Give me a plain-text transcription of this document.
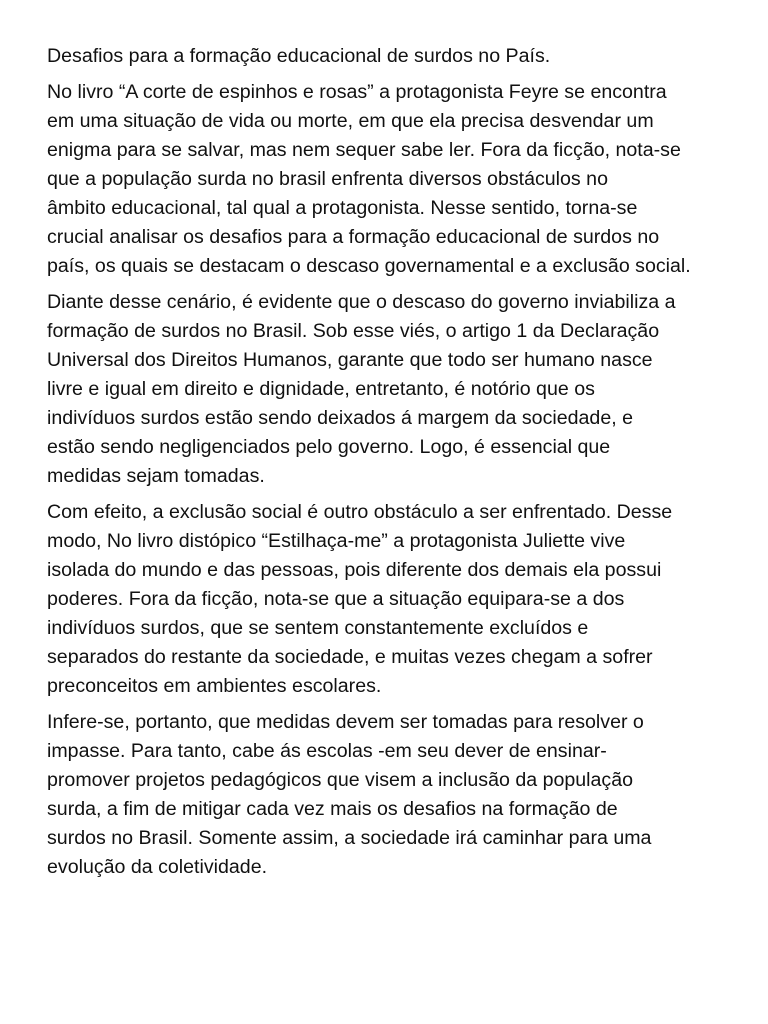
Desafios para a formação educacional de surdos no País.

No livro “A corte de espinhos e rosas” a protagonista Feyre se encontra
em uma situação de vida ou morte, em que ela precisa desvendar um
enigma para se salvar, mas nem sequer sabe ler. Fora da ficção, nota-se
que a população surda no brasil enfrenta diversos obstáculos no
âmbito educacional, tal qual a protagonista. Nesse sentido, torna-se
crucial analisar os desafios para a formação educacional de surdos no
país, os quais se destacam o descaso governamental e a exclusão social.

Diante desse cenário, é evidente que o descaso do governo inviabiliza a
formação de surdos no Brasil. Sob esse viés, o artigo 1 da Declaração
Universal dos Direitos Humanos, garante que todo ser humano nasce
livre e igual em direito e dignidade, entretanto, é notório que os
indivíduos surdos estão sendo deixados á margem da sociedade, e
estão sendo negligenciados pelo governo. Logo, é essencial que
medidas sejam tomadas.

Com efeito, a exclusão social é outro obstáculo a ser enfrentado. Desse
modo, No livro distópico “Estilhaça-me” a protagonista Juliette vive
isolada do mundo e das pessoas, pois diferente dos demais ela possui
poderes. Fora da ficção, nota-se que a situação equipara-se a dos
indivíduos surdos, que se sentem constantemente excluídos e
separados do restante da sociedade, e muitas vezes chegam a sofrer
preconceitos em ambientes escolares.

Infere-se, portanto, que medidas devem ser tomadas para resolver o
impasse. Para tanto, cabe ás escolas -em seu dever de ensinar-
promover projetos pedagógicos que visem a inclusão da população
surda, a fim de mitigar cada vez mais os desafios na formação de
surdos no Brasil. Somente assim, a sociedade irá caminhar para uma
evolução da coletividade.
